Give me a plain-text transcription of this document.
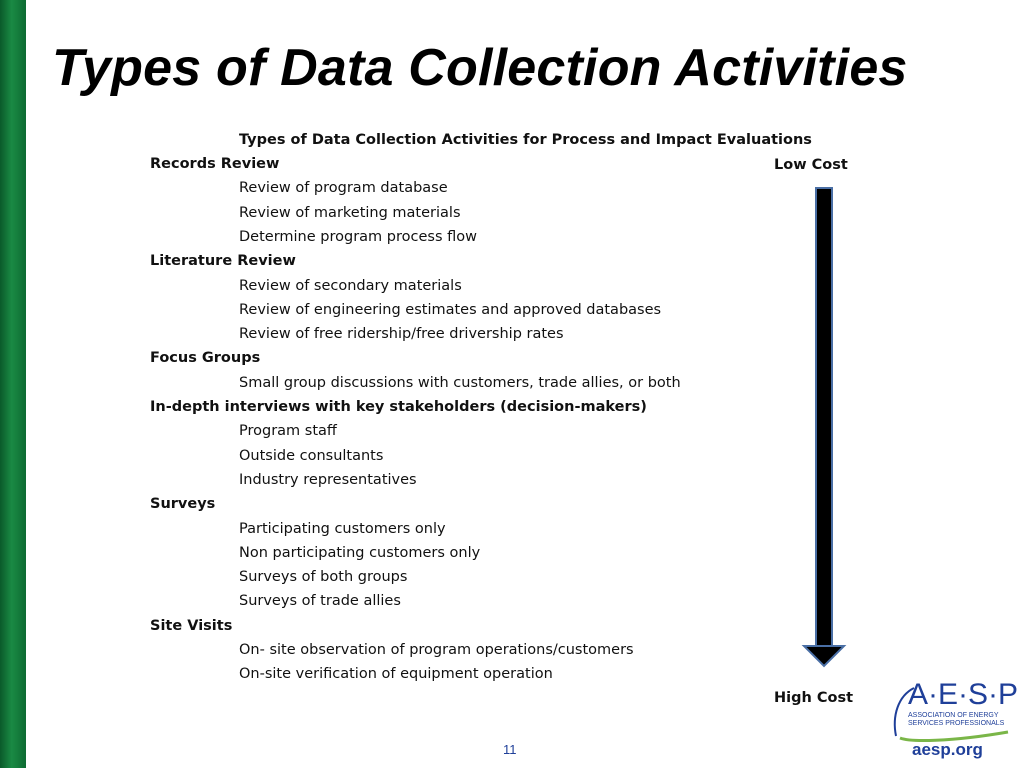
Types of Data Collection Activities
Types of Data Collection Activities for Process and Impact Evaluations
Low Cost
Records Review
Review of program database
Review of marketing materials
Determine program process flow
Literature Review
Review of secondary materials
Review of engineering estimates and approved databases
Review of free ridership/free drivership rates
Focus Groups
Small group discussions with customers, trade allies, or both
In-depth interviews with key stakeholders (decision-makers)
Program staff
Outside consultants
Industry representatives
Surveys
Participating customers only
Non participating customers only
Surveys of both groups
Surveys of trade allies
Site Visits
On- site observation of program operations/customers
On-site verification of equipment operation
High Cost
11
A·E·S·P
ASSOCIATION OF ENERGY
SERVICES PROFESSIONALS
aesp.org
